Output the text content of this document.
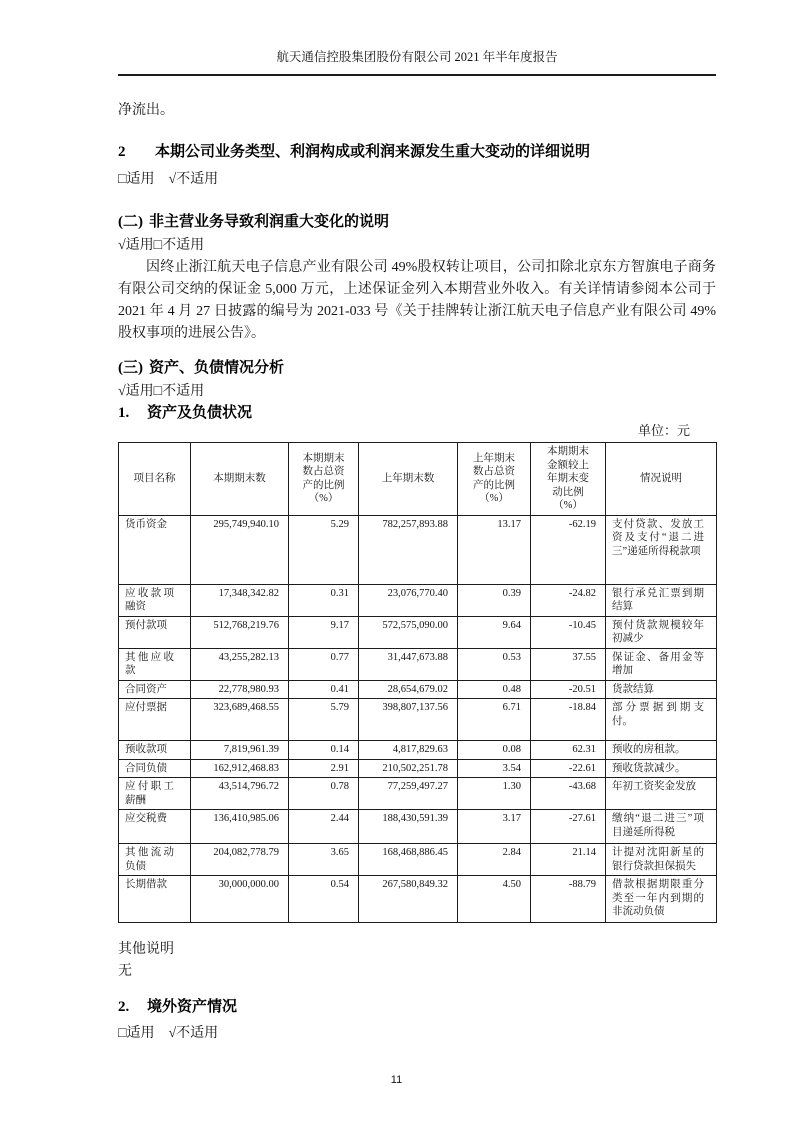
航天通信控股集团股份有限公司 2021 年半年度报告

净流出。

2 本期公司业务类型、利润构成或利润来源发生重大变动的详细说明

□适用　√不适用

(二) 非主营业务导致利润重大变化的说明

√适用□不适用

因终止浙江航天电子信息产业有限公司 49%股权转让项目，公司扣除北京东方智旗电子商务有限公司交纳的保证金 5,000 万元，上述保证金列入本期营业外收入。有关详情请参阅本公司于 2021 年 4 月 27 日披露的编号为 2021-033 号《关于挂牌转让浙江航天电子信息产业有限公司 49%股权事项的进展公告》。

(三) 资产、负债情况分析

√适用□不适用

1. 资产及负债状况
单位：元
项目名称	本期期末数	本期期末数占总资产的比例（%）	上年期末数	上年期末数占总资产的比例（%）	本期期末金额较上年期末变动比例（%）	情况说明
货币资金	295,749,940.10	5.29	782,257,893.88	13.17	-62.19	支付贷款、发放工资及支付“退二进三”递延所得税款项
应收款项融资	17,348,342.82	0.31	23,076,770.40	0.39	-24.82	银行承兑汇票到期结算
预付款项	512,768,219.76	9.17	572,575,090.00	9.64	-10.45	预付货款规模较年初减少
其他应收款	43,255,282.13	0.77	31,447,673.88	0.53	37.55	保证金、备用金等增加
合同资产	22,778,980.93	0.41	28,654,679.02	0.48	-20.51	货款结算
应付票据	323,689,468.55	5.79	398,807,137.56	6.71	-18.84	部分票据到期支付。
预收款项	7,819,961.39	0.14	4,817,829.63	0.08	62.31	预收的房租款。
合同负债	162,912,468.83	2.91	210,502,251.78	3.54	-22.61	预收货款减少。
应付职工薪酬	43,514,796.72	0.78	77,259,497.27	1.30	-43.68	年初工资奖金发放
应交税费	136,410,985.06	2.44	188,430,591.39	3.17	-27.61	缴纳“退二进三”项目递延所得税
其他流动负债	204,082,778.79	3.65	168,468,886.45	2.84	21.14	计提对沈阳新星的银行贷款担保损失
长期借款	30,000,000.00	0.54	267,580,849.32	4.50	-88.79	借款根据期限重分类至一年内到期的非流动负债
其他说明
无
2. 境外资产情况

□适用　√不适用

11
